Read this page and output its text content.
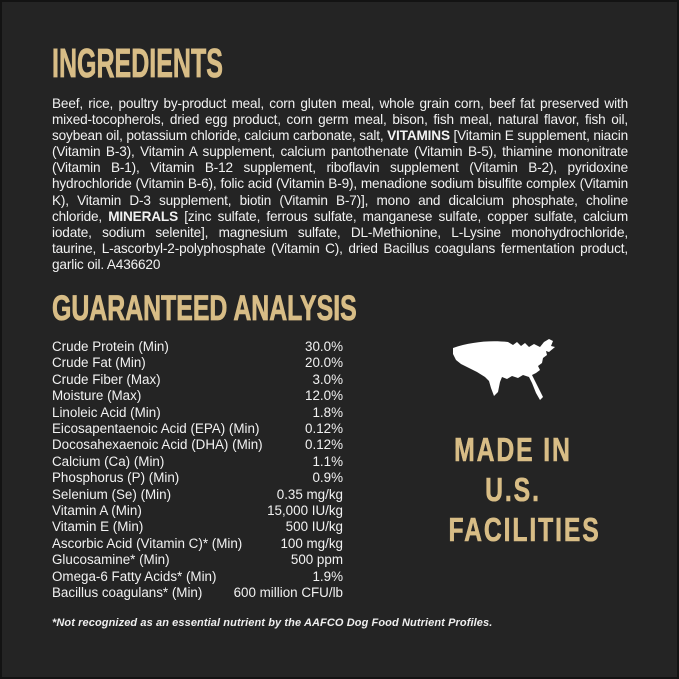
INGREDIENTS

Beef, rice, poultry by-product meal, corn gluten meal, whole grain corn, beef fat preserved with mixed-tocopherols, dried egg product, corn germ meal, bison, fish meal, natural flavor, fish oil, soybean oil, potassium chloride, calcium carbonate, salt, VITAMINS [Vitamin E supplement, niacin (Vitamin B-3), Vitamin A supplement, calcium pantothenate (Vitamin B-5), thiamine mononitrate (Vitamin B-1), Vitamin B-12 supplement, riboflavin supplement (Vitamin B-2), pyridoxine hydrochloride (Vitamin B-6), folic acid (Vitamin B-9), menadione sodium bisulfite complex (Vitamin K), Vitamin D-3 supplement, biotin (Vitamin B-7)], mono and dicalcium phosphate, choline chloride, MINERALS [zinc sulfate, ferrous sulfate, manganese sulfate, copper sulfate, calcium iodate, sodium selenite], magnesium sulfate, DL-Methionine, L-Lysine monohydrochloride, taurine, L-ascorbyl-2-polyphosphate (Vitamin C), dried Bacillus coagulans fermentation product, garlic oil. A436620

GUARANTEED ANALYSIS
Crude Protein (Min)	30.0%
Crude Fat (Min)	20.0%
Crude Fiber (Max)	3.0%
Moisture (Max)	12.0%
Linoleic Acid (Min)	1.8%
Eicosapentaenoic Acid (EPA) (Min)	0.12%
Docosahexaenoic Acid (DHA) (Min)	0.12%
Calcium (Ca) (Min)	1.1%
Phosphorus (P) (Min)	0.9%
Selenium (Se) (Min)	0.35 mg/kg
Vitamin A (Min)	15,000 IU/kg
Vitamin E (Min)	500 IU/kg
Ascorbic Acid (Vitamin C)* (Min)	100 mg/kg
Glucosamine* (Min)	500 ppm
Omega-6 Fatty Acids* (Min)	1.9%
Bacillus coagulans* (Min) 600 million CFU/lb
MADE IN
U.S.
FACILITIES

*Not recognized as an essential nutrient by the AAFCO Dog Food Nutrient Profiles.
